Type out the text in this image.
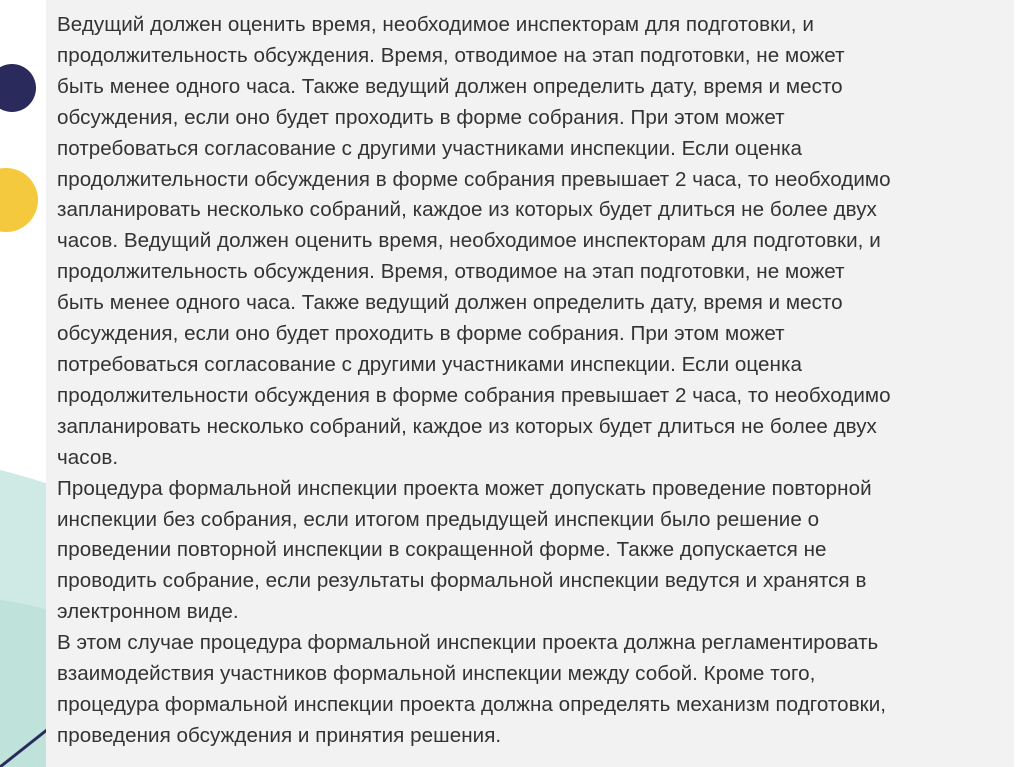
Ведущий должен оценить время, необходимое инспекторам для подготовки, и
продолжительность обсуждения. Время, отводимое на этап подготовки, не может
быть менее одного часа. Также ведущий должен определить дату, время и место
обсуждения, если оно будет проходить в форме собрания. При этом может
потребоваться согласование с другими участниками инспекции. Если оценка
продолжительности обсуждения в форме собрания превышает 2 часа, то необходимо
запланировать несколько собраний, каждое из которых будет длиться не более двух
часов. Ведущий должен оценить время, необходимое инспекторам для подготовки, и
продолжительность обсуждения. Время, отводимое на этап подготовки, не может
быть менее одного часа. Также ведущий должен определить дату, время и место
обсуждения, если оно будет проходить в форме собрания. При этом может
потребоваться согласование с другими участниками инспекции. Если оценка
продолжительности обсуждения в форме собрания превышает 2 часа, то необходимо
запланировать несколько собраний, каждое из которых будет длиться не более двух
часов.

Процедура формальной инспекции проекта может допускать проведение повторной
инспекции без собрания, если итогом предыдущей инспекции было решение о
проведении повторной инспекции в сокращенной форме. Также допускается не
проводить собрание, если результаты формальной инспекции ведутся и хранятся в
электронном виде.

В этом случае процедура формальной инспекции проекта должна регламентировать
взаимодействия участников формальной инспекции между собой. Кроме того,
процедура формальной инспекции проекта должна определять механизм подготовки,
проведения обсуждения и принятия решения.
